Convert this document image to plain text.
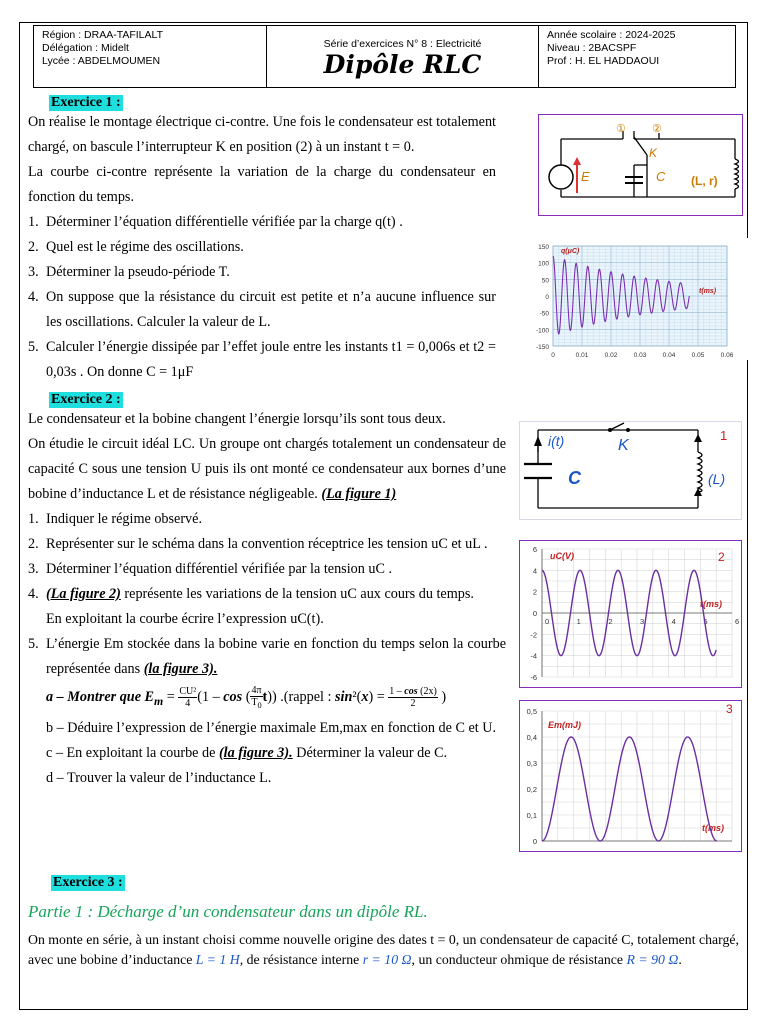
Région : DRAA-TAFILALT
Délégation : Midelt
Lycée : ABDELMOUMEN
Série d’exercices N° 8 : Electricité
Dipôle RLC
Année scolaire : 2024-2025
Niveau : 2BACSPF
Prof : H. EL HADDAOUI
Exercice 1 :

On réalise le montage électrique ci-contre. Une fois le condensateur est totalement chargé, on bascule l’interrupteur K en position (2) à un instant t = 0.

La courbe ci-contre représente la variation de la charge du condensateur en fonction du temps.

1. Déterminer l’équation différentielle vérifiée par la charge q(t) .
2. Quel est le régime des oscillations.
3. Déterminer la pseudo-période T.
4. On suppose que la résistance du circuit est petite et n’a aucune influence sur les oscillations. Calculer la valeur de L.
5. Calculer l’énergie dissipée par l’effet joule entre les instants t1 = 0,006s et t2 = 0,03s . On donne C = 1μF
E	C
K
(L, r)
① ②
150
100
50
0
-50
-100
-150
0	0.01	0.02	0.03	0.04	0.05	0.06
q(μC)
t(ms)
Exercice 2 :

Le condensateur et la bobine changent l’énergie lorsqu’ils sont tous deux.

On étudie le circuit idéal LC. Un groupe ont chargés totalement un condensateur de capacité C sous une tension U puis ils ont monté ce condensateur aux bornes d’une bobine d’inductance L et de résistance négligeable. (La figure 1)

1. Indiquer le régime observé.
2. Représenter sur le schéma dans la convention réceptrice les tension uC et uL .
3. Déterminer l’équation différentiel vérifiée par la tension uC .
4. (La figure 2) représente les variations de la tension uC aux cours du temps.
En exploitant la courbe écrire l’expression uC(t).
5. L’énergie Em stockée dans la bobine varie en fonction du temps selon la courbe représentée dans (la figure 3).
a – Montrer que $E_m = \frac{\text{CU²}}{4} (1 - \cos$ ( $\frac{4\pi}{T_0} t$)) .(rappel : $\sin^2(x) = \frac{1 - \cos (2x)}{2}$ )
b – Déduire l’expression de l’énergie maximale Em,max en fonction de C et U.
c – En exploitant la courbe de (la figure 3). Déterminer la valeur de C.
d – Trouver la valeur de l’inductance L.
i(t)	K
C	(L)
1
6
4
2
0
-2
-4
-6
0	1	2	3	4	5	6
uC(V)
t(ms)
2
0,5
0,4
0,3
0,2
0,1
0
Em(mJ)
t(ms)
3
Exercice 3 :
Partie 1 : Décharge d’un condensateur dans un dipôle RL.
On monte en série, à un instant choisi comme nouvelle origine des dates t = 0, un condensateur de capacité C, totalement chargé, avec une bobine d’inductance L = 1 H, de résistance interne r = 10 Ω, un conducteur ohmique de résistance R = 90 Ω.
